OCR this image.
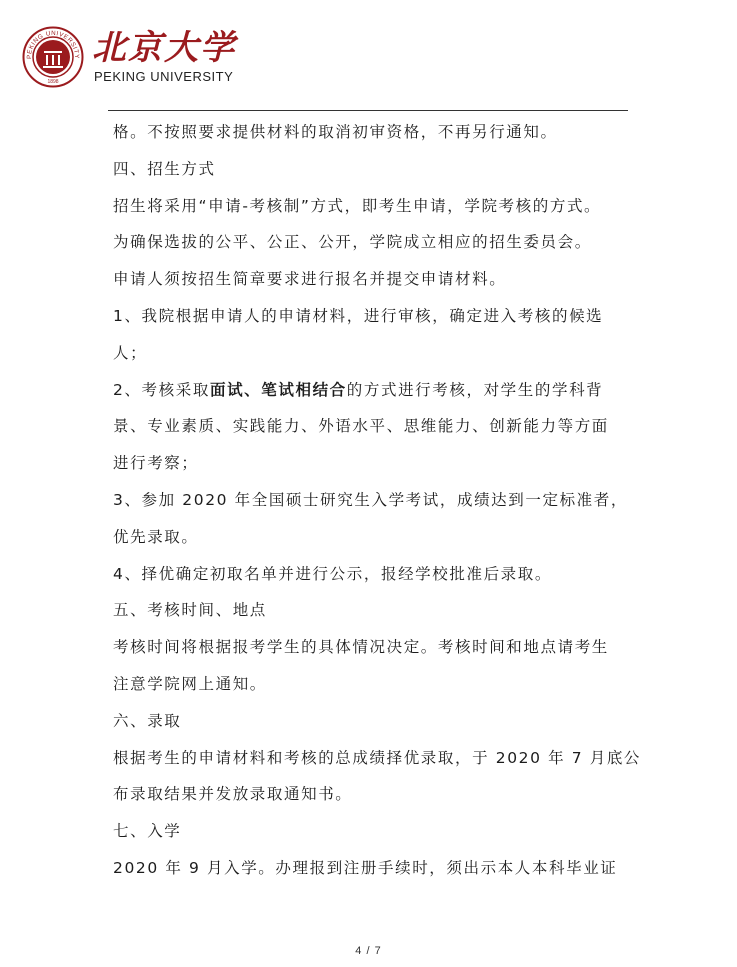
PEKING UNIVERSITY
1898
北京大学
PEKING UNIVERSITY
格。不按照要求提供材料的取消初审资格，不再另行通知。
四、招生方式
招生将采用“申请-考核制”方式，即考生申请，学院考核的方式。
为确保选拔的公平、公正、公开，学院成立相应的招生委员会。
申请人须按招生简章要求进行报名并提交申请材料。
1、我院根据申请人的申请材料，进行审核，确定进入考核的候选
人；
2、考核采取面试、笔试相结合的方式进行考核，对学生的学科背
景、专业素质、实践能力、外语水平、思维能力、创新能力等方面
进行考察；
3、参加 2020 年全国硕士研究生入学考试，成绩达到一定标准者，
优先录取。
4、择优确定初取名单并进行公示，报经学校批准后录取。
五、考核时间、地点
考核时间将根据报考学生的具体情况决定。考核时间和地点请考生
注意学院网上通知。
六、录取
根据考生的申请材料和考核的总成绩择优录取，于 2020 年 7 月底公
布录取结果并发放录取通知书。
七、入学
2020 年 9 月入学。办理报到注册手续时，须出示本人本科毕业证
4 / 7
